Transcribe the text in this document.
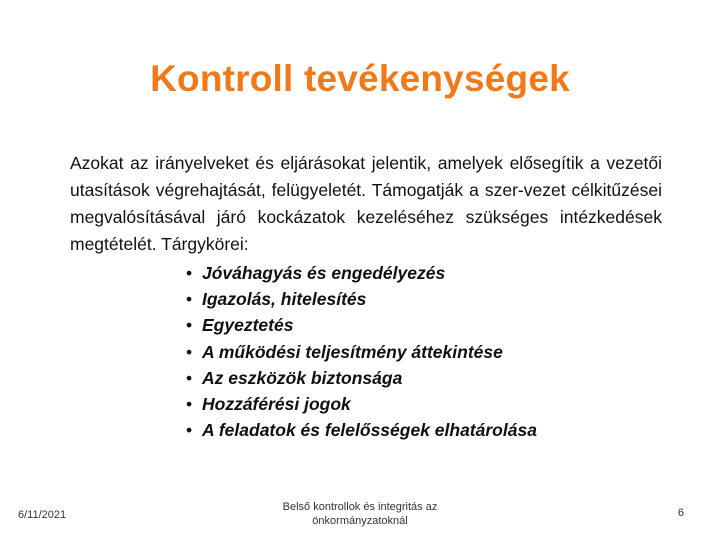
Kontroll tevékenységek

Azokat az irányelveket és eljárásokat jelentik, amelyek elősegítik a vezetői utasítások végrehajtását, felügyeletét. Támogatják a szer-vezet célkitűzései megvalósításával járó kockázatok kezeléséhez szükséges intézkedések megtételét. Tárgykörei:

• Jóváhagyás és engedélyezés
• Igazolás, hitelesítés
• Egyeztetés
• A működési teljesítmény áttekintése
• Az eszközök biztonsága
• Hozzáférési jogok
• A feladatok és felelősségek elhatárolása
6/11/2021
Belső kontrollok és integritás az önkormányzatoknál
6
